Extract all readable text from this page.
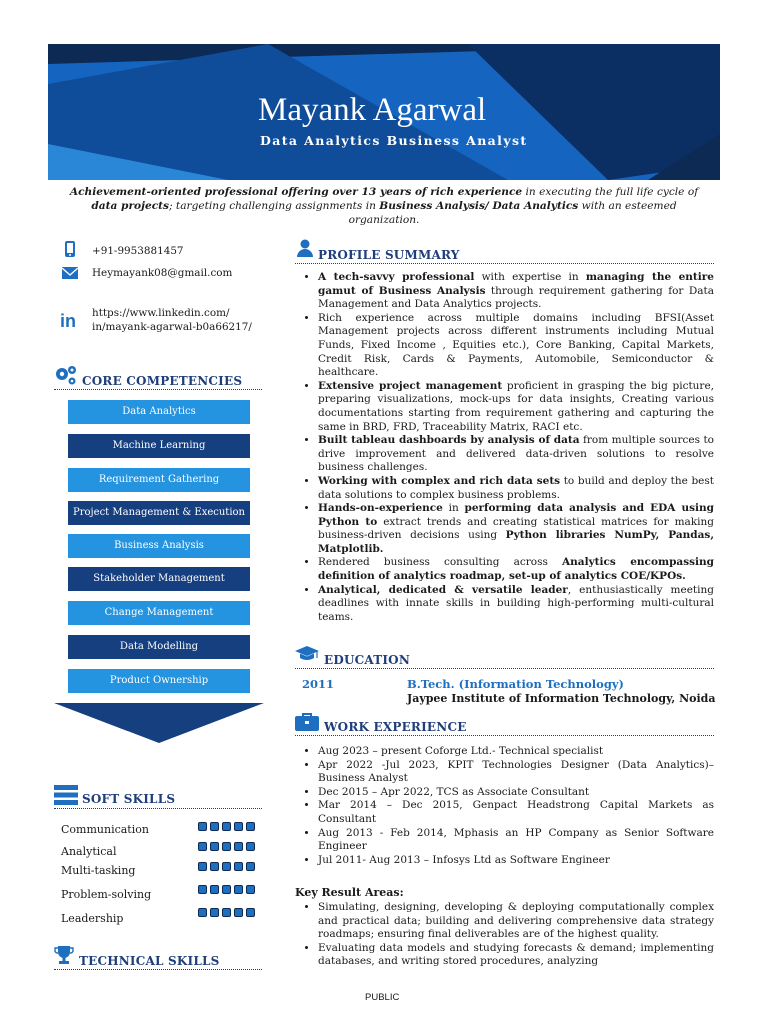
Mayank Agarwal
Data Analytics Business Analyst
Achievement-oriented professional offering over 13 years of rich experience in executing the full life cycle of data projects; targeting challenging assignments in Business Analysis/ Data Analytics with an esteemed organization.
+91-9953881457
Heymayank08@gmail.com
in https://www.linkedin.com/
in/mayank-agarwal-b0a66217/
CORE COMPETENCIES
Data Analytics
Machine Learning
Requirement Gathering
Project Management & Execution
Business Analysis
Stakeholder Management
Change Management
Data Modelling
Product Ownership
SOFT SKILLS
Communication
Analytical
Multi-tasking
Problem-solving
Leadership
TECHNICAL SKILLS
PROFILE SUMMARY
• A tech-savvy professional with expertise in managing the entire gamut of Business Analysis through requirement gathering for Data Management and Data Analytics projects.
• Rich experience across multiple domains including BFSI(Asset Management projects across different instruments including Mutual Funds, Fixed Income , Equities etc.), Core Banking, Capital Markets, Credit Risk, Cards & Payments, Automobile, Semiconductor & healthcare.
• Extensive project management proficient in grasping the big picture, preparing visualizations, mock-ups for data insights, Creating various documentations starting from requirement gathering and capturing the same in BRD, FRD, Traceability Matrix, RACI etc.
• Built tableau dashboards by analysis of data from multiple sources to drive improvement and delivered data-driven solutions to resolve business challenges.
• Working with complex and rich data sets to build and deploy the best data solutions to complex business problems.
• Hands-on-experience in performing data analysis and EDA using Python to extract trends and creating statistical matrices for making business-driven decisions using Python libraries NumPy, Pandas, Matplotlib.
• Rendered business consulting across Analytics encompassing definition of analytics roadmap, set-up of analytics COE/KPOs.
• Analytical, dedicated & versatile leader, enthusiastically meeting deadlines with innate skills in building high-performing multi-cultural teams.
EDUCATION
2011	B.Tech. (Information Technology)
Jaypee Institute of Information Technology, Noida
WORK EXPERIENCE
• Aug 2023 – present Coforge Ltd.- Technical specialist
• Apr 2022 -Jul 2023, KPIT Technologies Designer (Data Analytics)– Business Analyst
• Dec 2015 – Apr 2022, TCS as Associate Consultant
• Mar 2014 – Dec 2015, Genpact Headstrong Capital Markets as Consultant
• Aug 2013 - Feb 2014, Mphasis an HP Company as Senior Software Engineer
• Jul 2011- Aug 2013 – Infosys Ltd as Software Engineer
Key Result Areas:
• Simulating, designing, developing & deploying computationally complex and practical data; building and delivering comprehensive data strategy roadmaps; ensuring final deliverables are of the highest quality.
• Evaluating data models and studying forecasts & demand; implementing databases, and writing stored procedures, analyzing
PUBLIC
